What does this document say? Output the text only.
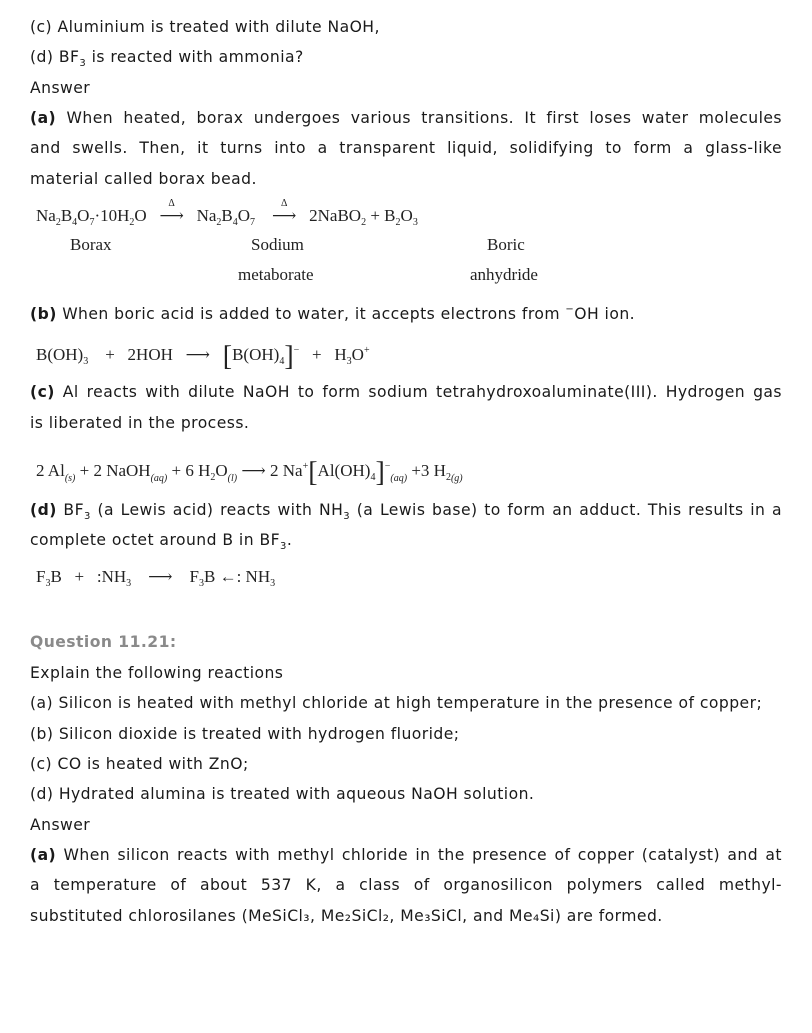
(c) Aluminium is treated with dilute NaOH,
(d) $BF_3$ is reacted with ammonia?
Answer
(a) When heated, borax undergoes various transitions. It first loses water molecules
and swells. Then, it turns into a transparent liquid, solidifying to form a glass-like
material called borax bead.
$Na_2B_4O_7\cdot 10H_2O$
Δ
⟶   $Na_2B_4O_7$
Δ
⟶   2NaBO$_2$ + $B_2O_3$
Borax	Sodium
metaborate
Boric
anhydride
(b) When boric acid is added to water, it accepts electrons from −OH ion.
$B(OH)_3$    +   2HOH   ⟶   $[B(OH)_4]^- + H_3O^+$
(c) Al reacts with dilute NaOH to form sodium tetrahydroxoaluminate(III). Hydrogen gas
is liberated in the process.
2 $Al_{(s)} + 2$ NaOH$_{(aq)}$ + 6 $H_2O_{(l)}$ ⟶ 2 $Na^+[Al(OH)_4]^-_{(aq)} +3$ $H_{2(g)}$
(d) $BF_3$ (a Lewis acid) reacts with $NH_3$ (a Lewis base) to form an adduct. This results in a
complete octet around B in $BF_3$.
$F_3B$   +   $:NH_3$    ⟶    $F_3B$ ←: $NH_3$
Question 11.21:
Explain the following reactions
(a) Silicon is heated with methyl chloride at high temperature in the presence of copper;
(b) Silicon dioxide is treated with hydrogen fluoride;
(c) CO is heated with ZnO;
(d) Hydrated alumina is treated with aqueous NaOH solution.
Answer
(a) When silicon reacts with methyl chloride in the presence of copper (catalyst) and at
a temperature of about 537 K, a class of organosilicon polymers called methyl-
substituted chlorosilanes (MeSiCl₃, Me₂SiCl₂, Me₃SiCl, and Me₄Si) are formed.
